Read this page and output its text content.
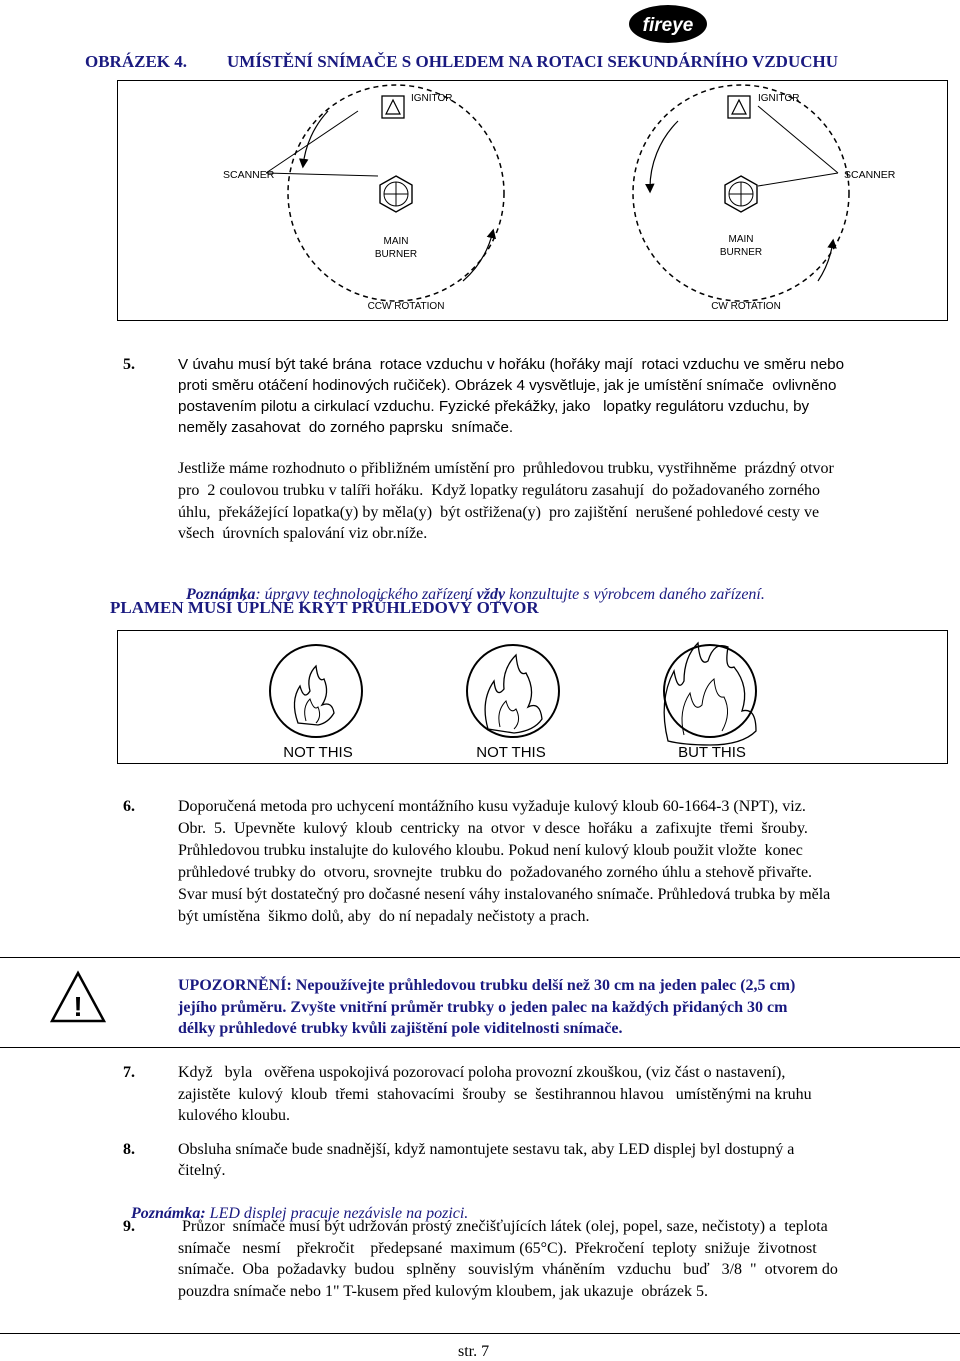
fireye
OBRÁZEK 4. UMÍSTĚNÍ SNÍMAČE S OHLEDEM NA ROTACI SEKUNDÁRNÍHO VZDUCHU
IGNITOR
SCANNER
MAIN
BURNER
CCW ROTATION
IGNITOR
SCANNER
MAIN
BURNER
CW ROTATION
5.	V úvahu musí být také brána  rotace vzduchu v hořáku (hořáky mají  rotaci vzduchu ve směru nebo
proti směru otáčení hodinových ručiček). Obrázek 4 vysvětluje, jak je umístění snímače  ovlivněno
postavením pilotu a cirkulací vzduchu. Fyzické překážky, jako   lopatky regulátoru vzduchu, by
neměly zasahovat  do zorného paprsku  snímače.
Jestliže máme rozhodnuto o přibližném umístění pro  průhledovou trubku, vystřihněme  prázdný otvor
pro  2 coulovou trubku v talíři hořáku.  Když lopatky regulátoru zasahují  do požadovaného zorného
úhlu,  překážející lopatka(y) by měla(y)  být ostřižena(y)  pro zajištění  nerušené pohledové cesty ve
všech  úrovních spalování viz obr.níže.

Poznámka: úpravy technologického zařízení vždy konzultujte s výrobcem daného zařízení.

PLAMEN MUSÍ ÚPLNĚ KRÝT PRŮHLEDOVÝ OTVOR
NOT THIS	NOT THIS	BUT THIS
6.	Doporučená metoda pro uchycení montážního kusu vyžaduje kulový kloub 60-1664-3 (NPT), viz.
Obr.  5.  Upevněte  kulový  kloub  centricky  na  otvor  v desce  hořáku  a  zafixujte  třemi  šrouby.
Průhledovou trubku instalujte do kulového kloubu. Pokud není kulový kloub použit vložte  konec
průhledové trubky do  otvoru, srovnejte  trubku do  požadovaného zorného úhlu a stehově přivařte.
Svar musí být dostatečný pro dočasné nesení váhy instalovaného snímače. Průhledová trubka by měla
být umístěna  šikmo dolů, aby  do ní nepadaly nečistoty a prach.
!
UPOZORNĚNÍ: Nepoužívejte průhledovou trubku delší než 30 cm na jeden palec (2,5 cm)
jejího průměru. Zvyšte vnitřní průměr trubky o jeden palec na každých přidaných 30 cm
délky průhledové trubky kvůli zajištění pole viditelnosti snímače.
7.	Když   byla   ověřena uspokojivá pozorovací poloha provozní zkouškou, (viz část o nastavení),
zajistěte  kulový  kloub  třemi  stahovacími  šrouby  se  šestihrannou hlavou   umístěnými na kruhu
kulového kloubu.
8.	Obsluha snímače bude snadnější, když namontujete sestavu tak, aby LED displej byl dostupný a
čitelný.

Poznámka: LED displej pracuje nezávisle na pozici.

9.	Průzor  snímače musí být udržován prostý znečišťujících látek (olej, popel, saze, nečistoty) a  teplota
snímače   nesmí    překročit    předepsané  maximum (65°C).  Překročení  teploty  snižuje  životnost
snímače.  Oba  požadavky  budou   splněny   souvislým  vháněním   vzduchu   buď   3/8  "  otvorem do
pouzdra snímače nebo 1" T-kusem před kulovým kloubem, jak ukazuje  obrázek 5.
str. 7
